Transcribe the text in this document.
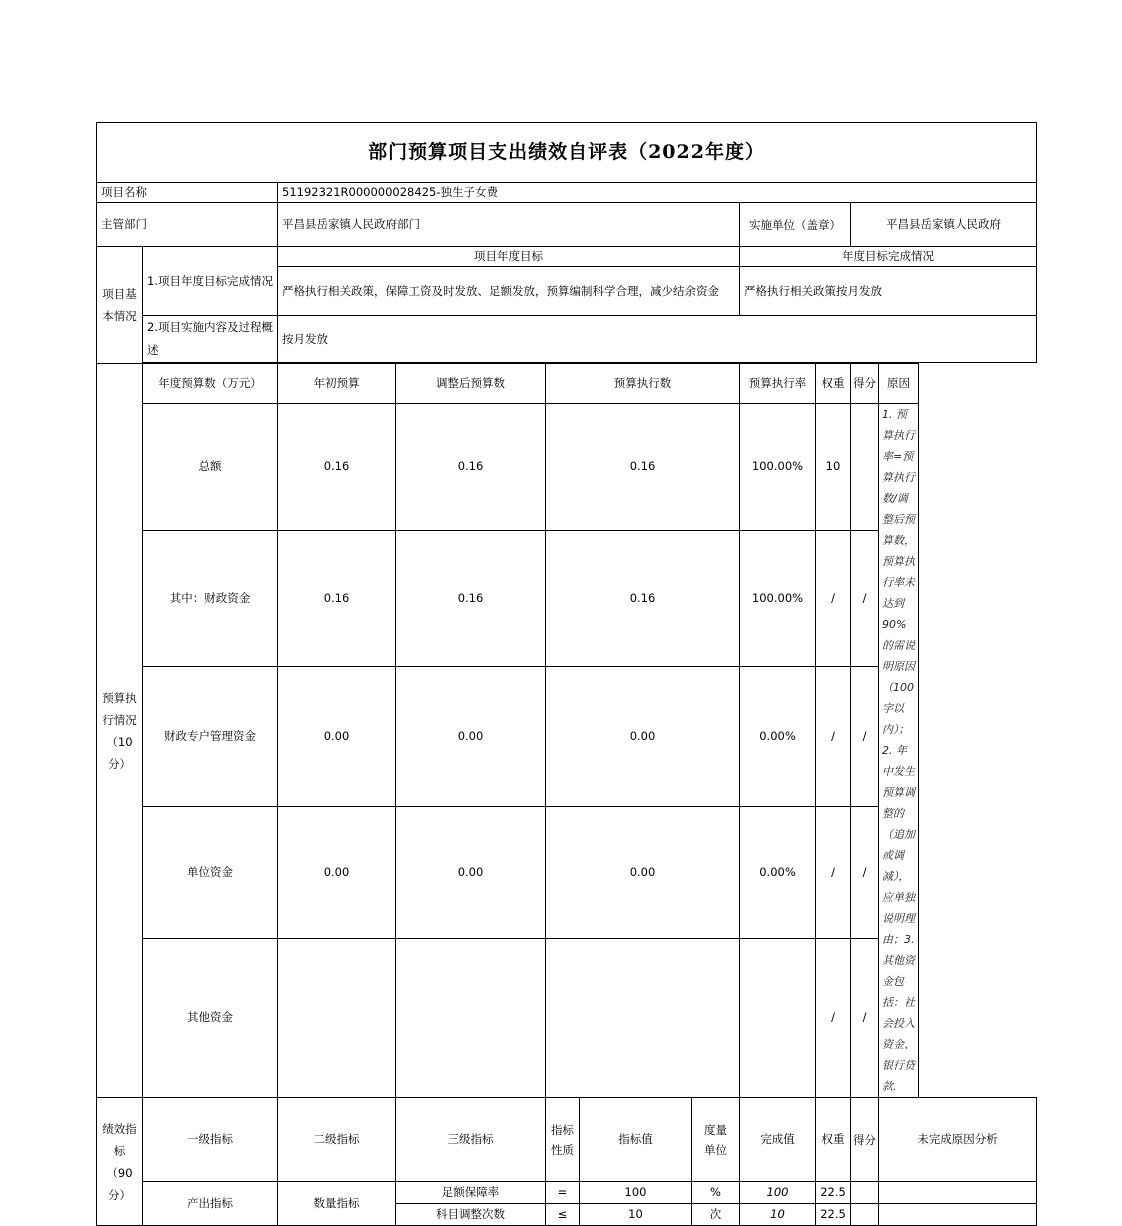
部门预算项目支出绩效自评表（2022年度）										
项目名称		51192321R000000028425-独生子女费								
主管部门		平昌县岳家镇人民政府部门					实施单位（盖章）		平昌县岳家镇人民政府	
项目基本情况	1.项目年度目标完成情况	项目年度目标					年度目标完成情况			
		严格执行相关政策，保障工资及时发放、足额发放，预算编制科学合理，减少结余资金					严格执行相关政策按月发放			
	2.项目实施内容及过程概述	按月发放								

预算执行情况（10分）	年度预算数（万元）	年初预算	调整后预算数	预算执行数			预算执行率	权重	得分	原因
	总额	0.16	0.16	0.16			100.00%	10		1. 预算执行率=预算执行数/调整后预算数，预算执行率未达到90%的需说明原因（100字以内）；2. 年中发生预算调整的（追加或调减），应单独说明理由；3. 其他资金包括：社会投入资金、银行贷款.
	其中：财政资金	0.16	0.16	0.16			100.00%	/	/	
	财政专户管理资金	0.00	0.00	0.00			0.00%	/	/	
	单位资金	0.00	0.00	0.00			0.00%	/	/	
	其他资金							/	/	
绩效指标（90分）	一级指标	二级指标	三级指标	指标性质	指标值	度量单位	完成值	权重	得分	未完成原因分析
	产出指标	数量指标	足额保障率	=	100	%	100	22.5		
			科目调整次数	≤	10	次	10	22.5		
